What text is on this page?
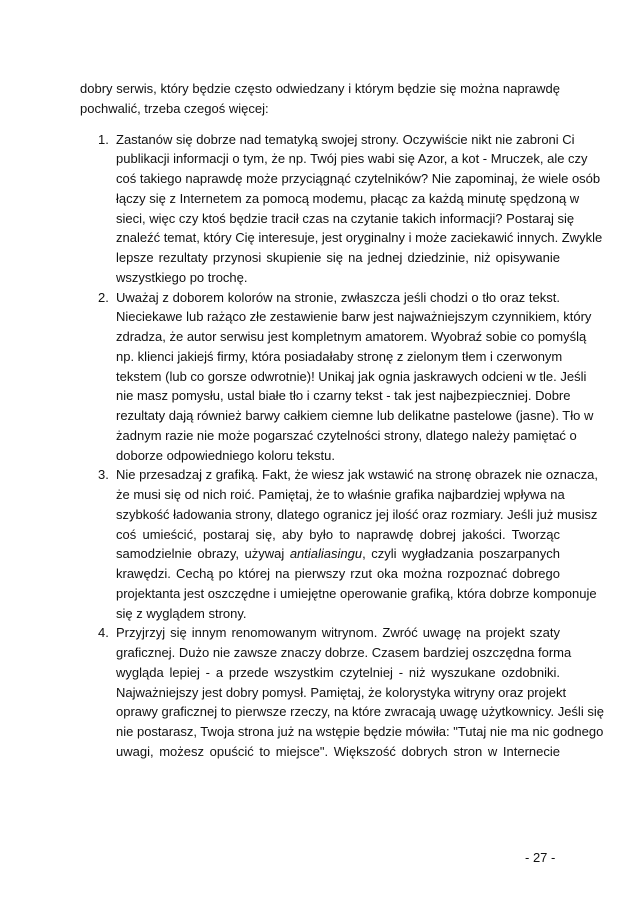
dobry serwis, który będzie często odwiedzany i którym będzie się można naprawdę
pochwalić, trzeba czegoś więcej:
1. Zastanów się dobrze nad tematyką swojej strony. Oczywiście nikt nie zabroni Ci
publikacji informacji o tym, że np. Twój pies wabi się Azor, a kot - Mruczek, ale czy
coś takiego naprawdę może przyciągnąć czytelników? Nie zapominaj, że wiele osób
łączy się z Internetem za pomocą modemu, płacąc za każdą minutę spędzoną w
sieci, więc czy ktoś będzie tracił czas na czytanie takich informacji? Postaraj się
znaleźć temat, który Cię interesuje, jest oryginalny i może zaciekawić innych. Zwykle
lepsze rezultaty przynosi skupienie się na jednej dziedzinie, niż opisywanie
wszystkiego po trochę.
2. Uważaj z doborem kolorów na stronie, zwłaszcza jeśli chodzi o tło oraz tekst.
Nieciekawe lub rażąco złe zestawienie barw jest najważniejszym czynnikiem, który
zdradza, że autor serwisu jest kompletnym amatorem. Wyobraź sobie co pomyślą
np. klienci jakiejś firmy, która posiadałaby stronę z zielonym tłem i czerwonym
tekstem (lub co gorsze odwrotnie)! Unikaj jak ognia jaskrawych odcieni w tle. Jeśli
nie masz pomysłu, ustal białe tło i czarny tekst - tak jest najbezpieczniej. Dobre
rezultaty dają również barwy całkiem ciemne lub delikatne pastelowe (jasne). Tło w
żadnym razie nie może pogarszać czytelności strony, dlatego należy pamiętać o
doborze odpowiedniego koloru tekstu.
3. Nie przesadzaj z grafiką. Fakt, że wiesz jak wstawić na stronę obrazek nie oznacza,
że musi się od nich roić. Pamiętaj, że to właśnie grafika najbardziej wpływa na
szybkość ładowania strony, dlatego ogranicz jej ilość oraz rozmiary. Jeśli już musisz
coś umieścić, postaraj się, aby było to naprawdę dobrej jakości. Tworząc
samodzielnie obrazy, używaj antialiasingu, czyli wygładzania poszarpanych
krawędzi. Cechą po której na pierwszy rzut oka można rozpoznać dobrego
projektanta jest oszczędne i umiejętne operowanie grafiką, która dobrze komponuje
się z wyglądem strony.
4. Przyjrzyj się innym renomowanym witrynom. Zwróć uwagę na projekt szaty
graficznej. Dużo nie zawsze znaczy dobrze. Czasem bardziej oszczędna forma
wygląda lepiej - a przede wszystkim czytelniej - niż wyszukane ozdobniki.
Najważniejszy jest dobry pomysł. Pamiętaj, że kolorystyka witryny oraz projekt
oprawy graficznej to pierwsze rzeczy, na które zwracają uwagę użytkownicy. Jeśli się
nie postarasz, Twoja strona już na wstępie będzie mówiła: "Tutaj nie ma nic godnego
uwagi, możesz opuścić to miejsce". Większość dobrych stron w Internecie
- 27 -
